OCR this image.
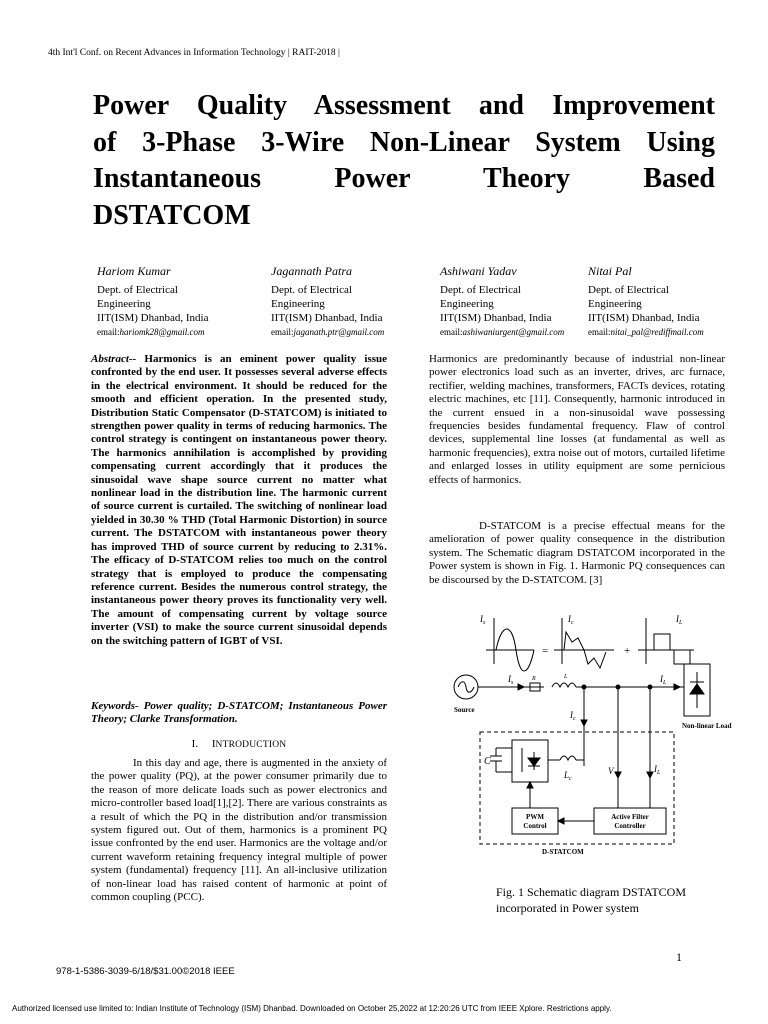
4th Int'l Conf. on Recent Advances in Information Technology | RAIT-2018 |
Power Quality Assessment and Improvement
of 3-Phase 3-Wire Non-Linear System Using
Instantaneous Power Theory Based
DSTATCOM
Hariom Kumar
Dept. of Electrical
Engineering
IIT(ISM) Dhanbad, India
email:hariomk28@gmail.com
Jagannath Patra
Dept. of Electrical
Engineering
IIT(ISM) Dhanbad, India
email:jaganath.ptr@gmail.com
Ashiwani Yadav
Dept. of Electrical
Engineering
IIT(ISM) Dhanbad, India
email:ashiwaniurgent@gmail.com
Nitai Pal
Dept. of Electrical
Engineering
IIT(ISM) Dhanbad, India
email:nitai_pal@rediffmail.com
Abstract-- Harmonics is an eminent power quality issue confronted by the end user. It possesses several adverse effects in the electrical environment. It should be reduced for the smooth and efficient operation. In the presented study, Distribution Static Compensator (D-STATCOM) is initiated to strengthen power quality in terms of reducing harmonics. The control strategy is contingent on instantaneous power theory. The harmonics annihilation is accomplished by providing compensating current accordingly that it produces the sinusoidal wave shape source current no matter what nonlinear load in the distribution line. The harmonic current of source current is curtailed. The switching of nonlinear load yielded in 30.30 % THD (Total Harmonic Distortion) in source current. The DSTATCOM with instantaneous power theory has improved THD of source current by reducing to 2.31%. The efficacy of D-STATCOM relies too much on the control strategy that is employed to produce the compensating reference current. Besides the numerous control strategy, the instantaneous power theory proves its functionality very well. The amount of compensating current by voltage source inverter (VSI) to make the source current sinusoidal depends on the switching pattern of IGBT of VSI.
Keywords- Power quality; D-STATCOM; Instantaneous Power Theory; Clarke Transformation.
I. INTRODUCTION
In this day and age, there is augmented in the anxiety of the power quality (PQ), at the power consumer primarily due to the reason of more delicate loads such as power electronics and micro-controller based load[1],[2]. There are various constraints as a result of which the PQ in the distribution and/or transmission system figured out. Out of them, harmonics is a prominent PQ issue confronted by the end user. Harmonics are the voltage and/or current waveform retaining frequency integral multiple of power system (fundamental) frequency [11]. An all-inclusive utilization of non-linear load has raised content of harmonic at point of common coupling (PCC).
Harmonics are predominantly because of industrial non-linear power electronics load such as an inverter, drives, arc furnace, rectifier, welding machines, transformers, FACTs devices, rotating electric machines, etc [11]. Consequently, harmonic introduced in the current ensued in a non-sinusoidal wave possessing frequencies besides fundamental frequency. Flaw of control devices, supplemental line losses (at fundamental as well as harmonic frequencies), extra noise out of motors, curtailed lifetime and enlarged losses in utility equipment are some pernicious effects of harmonics.
D-STATCOM is a precise effectual means for the amelioration of power quality consequence in the distribution system. The Schematic diagram DSTATCOM incorporated in the Power system is shown in Fig. 1. Harmonic PQ consequences can be discoursed by the D-STATCOM. [3]
$I_s$	$I_c$	$I_L$
=	+
$I_s$
R	L	$I_L$
Source
Non-linear Load
$I_c$
V	$I_L$
C
$L_c$
PWM
Control
Active Filter
Controller
D-STATCOM
Fig. 1 Schematic diagram DSTATCOM incorporated in Power system
1
978-1-5386-3039-6/18/$31.00©2018 IEEE
Authorized licensed use limited to: Indian Institute of Technology (ISM) Dhanbad. Downloaded on October 25,2022 at 12:20:26 UTC from IEEE Xplore. Restrictions apply.
